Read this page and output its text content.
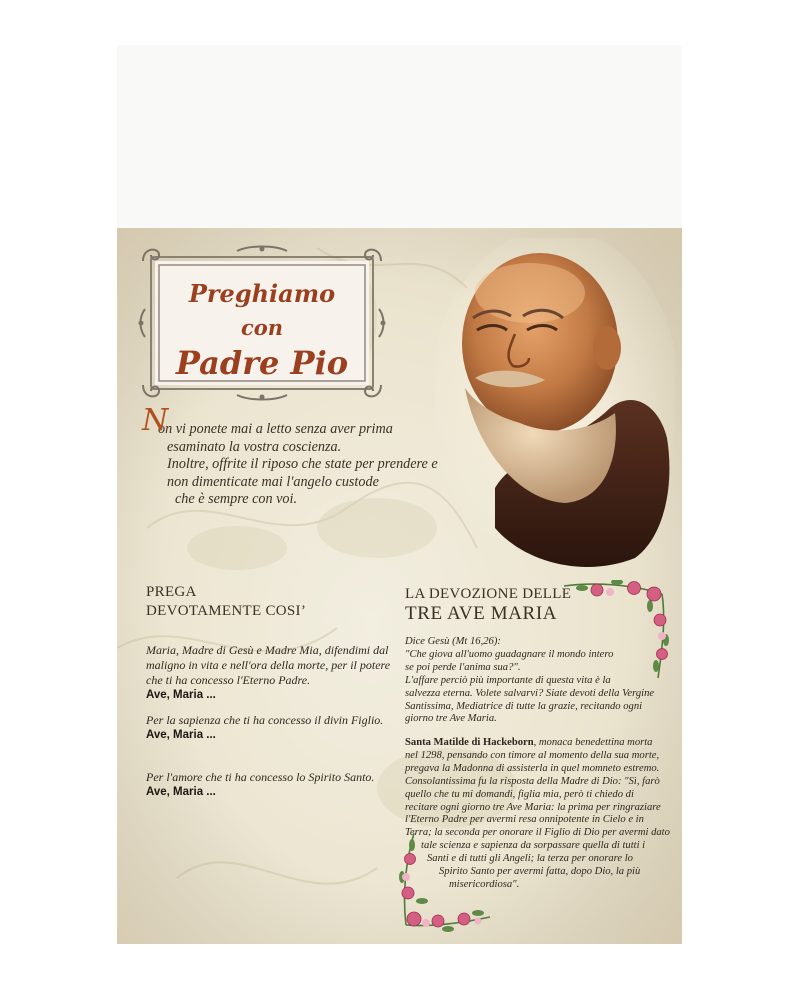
Preghiamo
con
Padre Pio
N
on vi ponete mai a letto senza aver prima
esaminato la vostra coscienza.
Inoltre, offrite il riposo che state per prendere e
non dimenticate mai l'angelo custode
che è sempre con voi.
PREGA
DEVOTAMENTE COSI’
Maria, Madre di Gesù e Madre Mia, difendimi dal
maligno in vita e nell'ora della morte, per il potere
che ti ha concesso l'Eterno Padre.
Ave, Maria ...
Per la sapienza che ti ha concesso il divin Figlio.
Ave, Maria ...
Per l'amore che ti ha concesso lo Spirito Santo.
Ave, Maria ...
LA DEVOZIONE DELLE
TRE AVE MARIA
Dice Gesù (Mt 16,26):
"Che giova all'uomo guadagnare il mondo intero
se poi perde l'anima sua?".
L'affare perciò più importante di questa vita è la
salvezza eterna. Volete salvarvi? Siate devoti della Vergine
Santissima, Mediatrice di tutte la grazie, recitando ogni
giorno tre Ave Maria.
Santa Matilde di Hackeborn, monaca benedettina morta
nel 1298, pensando con timore al momento della sua morte,
pregava la Madonna di assisterla in quel momneto estremo.
Consolantissima fu la risposta della Madre di Dio: "Sì, farò
quello che tu mi domandi, figlia mia, però ti chiedo di
recitare ogni giorno tre Ave Maria: la prima per ringraziare
l'Eterno Padre per avermi resa onnipotente in Cielo e in
Terra; la seconda per onorare il Figlio di Dio per avermi dato
tale scienza e sapienza da sorpassare quella di tutti i
Santi e di tutti gli Angeli; la terza per onorare lo
Spirito Santo per avermi fatta, dopo Dio, la più
misericordiosa".
